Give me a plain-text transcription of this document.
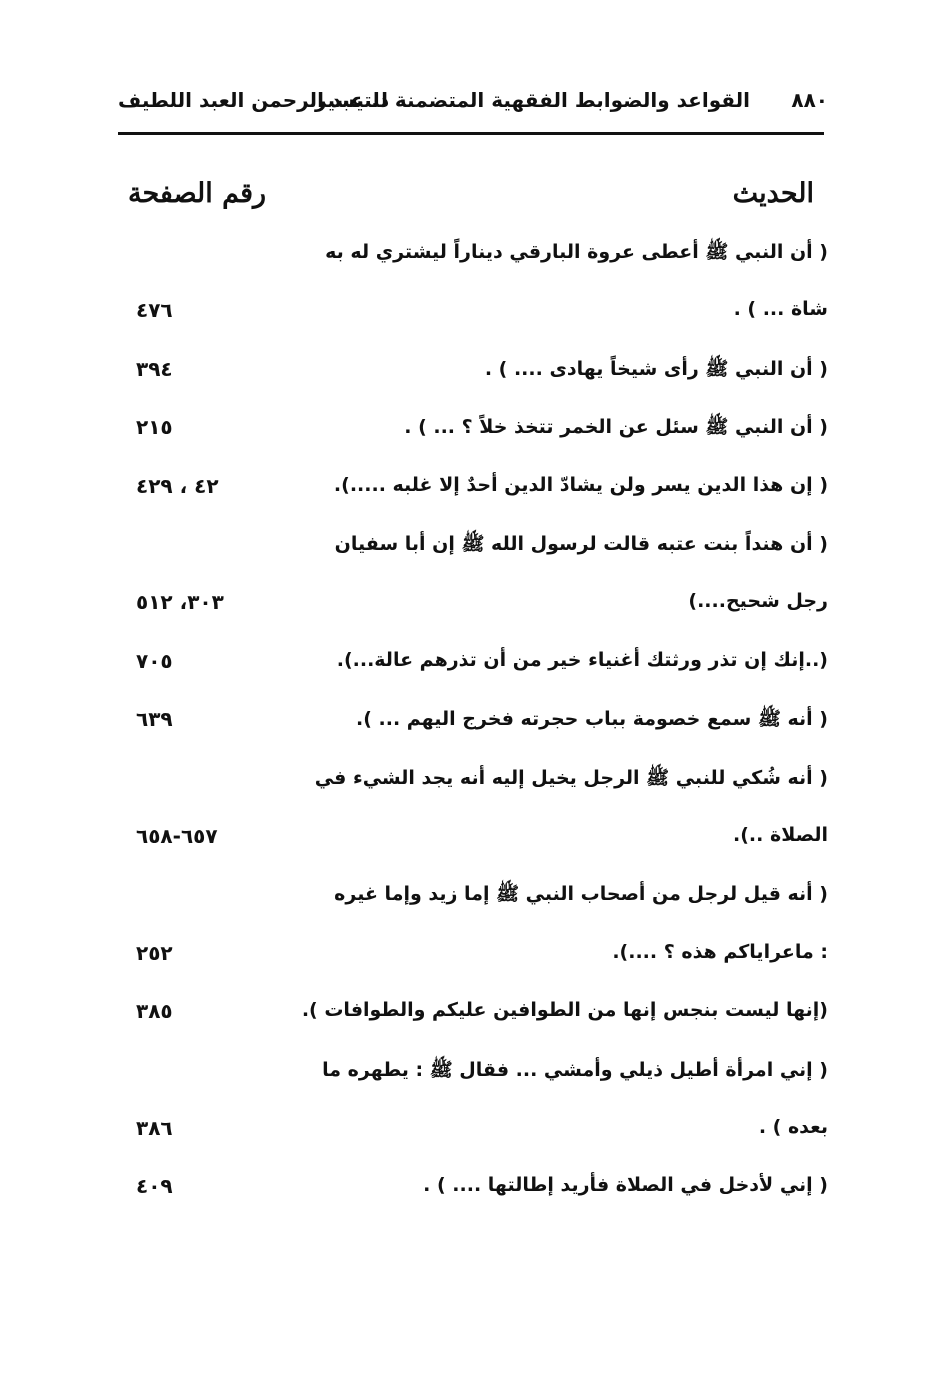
٨٨٠
القواعد والضوابط الفقهية المتضمنة للتيسير
د. عبد الرحمن العبد اللطيف
الحديث
رقم الصفحة
( أن النبي ﷺ أعطى عروة البارقي ديناراً ليشتري له به
شاة ... ) .
٤٧٦
( أن النبي ﷺ رأى شيخاً يهادى .... ) .
٣٩٤
( أن النبي ﷺ سئل عن الخمر تتخذ خلاً ؟ ... ) .
٢١٥
( إن هذا الدين يسر ولن يشادّ الدين أحدٌ إلا غلبه .....).
٤٢ ، ٤٢٩
( أن هنداً بنت عتبه قالت لرسول الله ﷺ إن أبا سفيان
رجل شحيح....)
٣٠٣، ٥١٢
(..إنك إن تذر ورثتك أغنياء خير من أن تذرهم عالة...).
٧٠٥
( أنه ﷺ سمع خصومة بباب حجرته فخرج اليهم ... ).
٦٣٩
( أنه شُكي للنبي ﷺ الرجل يخيل إليه أنه يجد الشيء في
الصلاة ..).
٦٥٧-٦٥٨
( أنه قيل لرجل من أصحاب النبي ﷺ إما زيد وإما غيره
: ماعراياكم هذه ؟ ....).
٢٥٢
(إنها ليست بنجس إنها من الطوافين عليكم والطوافات ).
٣٨٥
( إني امرأة أطيل ذيلي وأمشي ... فقال ﷺ : يطهره ما
بعده ) .
٣٨٦
( إني لأدخل في الصلاة فأريد إطالتها .... ) .
٤٠٩
